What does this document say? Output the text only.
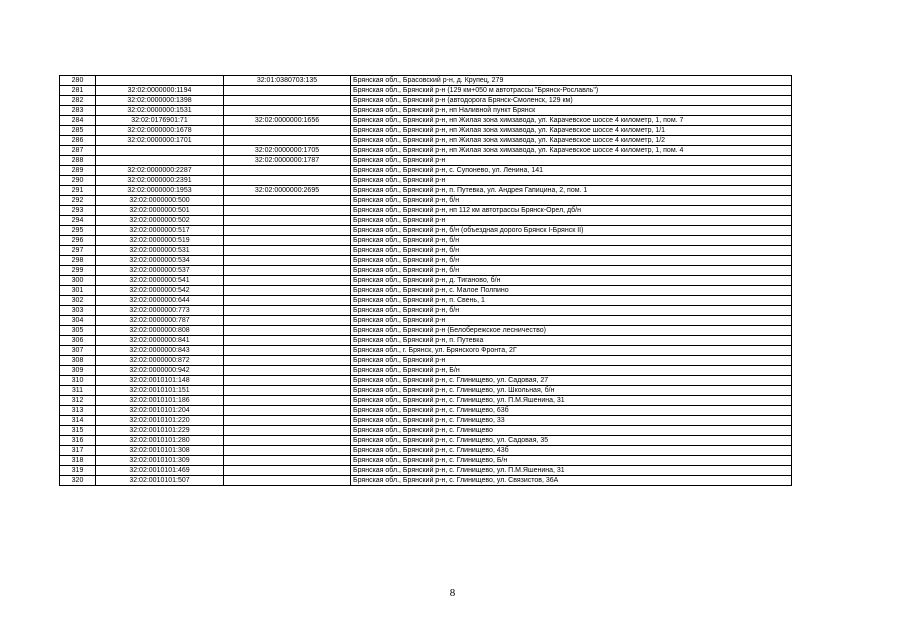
280		32:01:0380703:135	Брянская обл., Брасовский р-н, д. Крупец, 279
281	32:02:0000000:1194		Брянская обл., Брянский р-н (129 км+050 м автотрассы "Брянск-Рославль")
282	32:02:0000000:1398		Брянская обл., Брянский р-н (автодорога Брянск-Смоленск, 129 км)
283	32:02:0000000:1531		Брянская обл., Брянский р-н, нп Наливной пункт Брянск
284	32:02:0176901:71	32:02:0000000:1656	Брянская обл., Брянский р-н, нп Жилая зона химзавода, ул. Карачевское шоссе 4 километр, 1, пом. 7
285	32:02:0000000:1678		Брянская обл., Брянский р-н, нп Жилая зона химзавода, ул. Карачевское шоссе 4 километр, 1/1
286	32:02:0000000:1701		Брянская обл., Брянский р-н, нп Жилая зона химзавода, ул. Карачевское шоссе 4 километр, 1/2
287		32:02:0000000:1705	Брянская обл., Брянский р-н, нп Жилая зона химзавода, ул. Карачевское шоссе 4 километр, 1, пом. 4
288		32:02:0000000:1787	Брянская обл., Брянский р-н
289	32:02:0000000:2287		Брянская обл., Брянский р-н, с. Супонево, ул. Ленина, 141
290	32:02:0000000:2391		Брянская обл., Брянский р-н
291	32:02:0000000:1953	32:02:0000000:2695	Брянская обл., Брянский р-н, п. Путевка, ул. Андрея Гапицина, 2, пом. 1
292	32:02:0000000:500		Брянская обл., Брянский р-н, б/н
293	32:02:0000000:501		Брянская обл., Брянский р-н, нп 112 км автотрассы Брянск-Орел, дб/н
294	32:02:0000000:502		Брянская обл., Брянский р-н
295	32:02:0000000:517		Брянская обл., Брянский р-н, б/н (объездная дорого Брянск I-Брянск II)
296	32:02:0000000:519		Брянская обл., Брянский р-н, б/н
297	32:02:0000000:531		Брянская обл., Брянский р-н, б/н
298	32:02:0000000:534		Брянская обл., Брянский р-н, б/н
299	32:02:0000000:537		Брянская обл., Брянский р-н, б/н
300	32:02:0000000:541		Брянская обл., Брянский р-н, д. Тиганово, б/н
301	32:02:0000000:542		Брянская обл., Брянский р-н, с. Малое Полпино
302	32:02:0000000:644		Брянская обл., Брянский р-н, п. Свень, 1
303	32:02:0000000:773		Брянская обл., Брянский р-н, б/н
304	32:02:0000000:787		Брянская обл., Брянский р-н
305	32:02:0000000:808		Брянская обл., Брянский р-н (Белобережское лесничество)
306	32:02:0000000:841		Брянская обл., Брянский р-н, п. Путевка
307	32:02:0000000:843		Брянская обл., г. Брянск, ул. Брянского Фронта, 2Г
308	32:02:0000000:872		Брянская обл., Брянский р-н
309	32:02:0000000:942		Брянская обл., Брянский р-н, Б/н
310	32:02:0010101:148		Брянская обл., Брянский р-н, с. Глинищево, ул. Садовая, 27
311	32:02:0010101:151		Брянская обл., Брянский р-н, с. Глинищево, ул. Школьная, б/н
312	32:02:0010101:186		Брянская обл., Брянский р-н, с. Глинищево, ул. П.М.Яшенина, 31
313	32:02:0010101:204		Брянская обл., Брянский р-н, с. Глинищево, 63б
314	32:02:0010101:220		Брянская обл., Брянский р-н, с. Глинищево, 33
315	32:02:0010101:229		Брянская обл., Брянский р-н, с. Глинищево
316	32:02:0010101:280		Брянская обл., Брянский р-н, с. Глинищево, ул. Садовая, 35
317	32:02:0010101:308		Брянская обл., Брянский р-н, с. Глинищево, 43б
318	32:02:0010101:309		Брянская обл., Брянский р-н, с. Глинищево, Б/н
319	32:02:0010101:469		Брянская обл., Брянский р-н, с. Глинищево, ул. П.М.Яшенина, 31
320	32:02:0010101:507		Брянская обл., Брянский р-н, с. Глинищево, ул. Связистов, 36А
8
